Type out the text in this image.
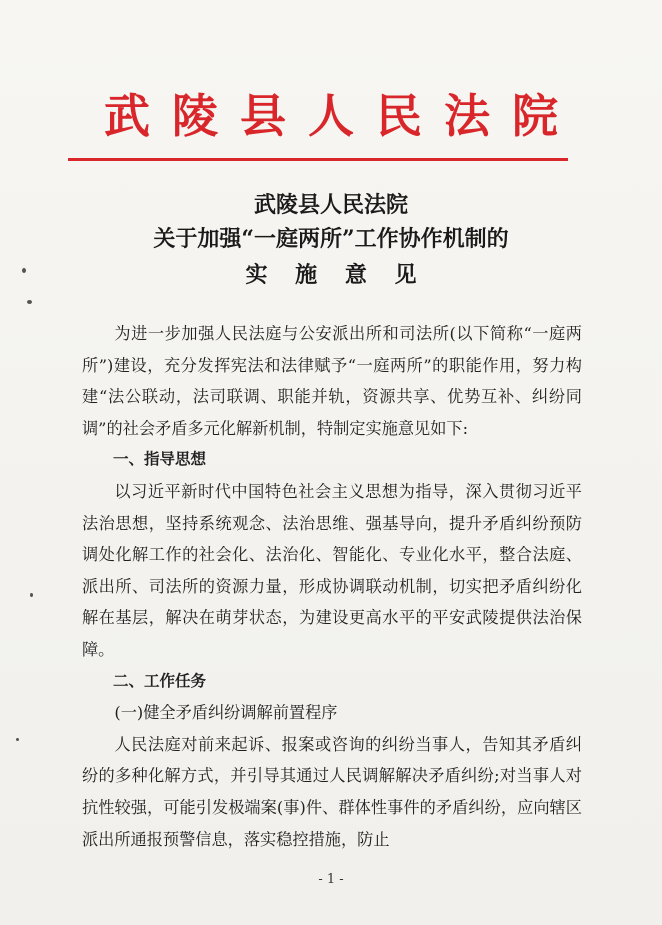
武陵县人民法院
武陵县人民法院
关于加强“一庭两所”工作协作机制的
实 施 意 见

为进一步加强人民法庭与公安派出所和司法所(以下简称“一庭两所”)建设，充分发挥宪法和法律赋予“一庭两所”的职能作用，努力构建“法公联动，法司联调、职能并轨，资源共享、优势互补、纠纷同调”的社会矛盾多元化解新机制，特制定实施意见如下:

一、指导思想

以习近平新时代中国特色社会主义思想为指导，深入贯彻习近平法治思想，坚持系统观念、法治思维、强基导向，提升矛盾纠纷预防调处化解工作的社会化、法治化、智能化、专业化水平，整合法庭、派出所、司法所的资源力量，形成协调联动机制，切实把矛盾纠纷化解在基层，解决在萌芽状态，为建设更高水平的平安武陵提供法治保障。

二、工作任务

(一)健全矛盾纠纷调解前置程序

人民法庭对前来起诉、报案或咨询的纠纷当事人，告知其矛盾纠纷的多种化解方式，并引导其通过人民调解解决矛盾纠纷;对当事人对抗性较强，可能引发极端案(事)件、群体性事件的矛盾纠纷，应向辖区派出所通报预警信息，落实稳控措施，防止

- 1 -
